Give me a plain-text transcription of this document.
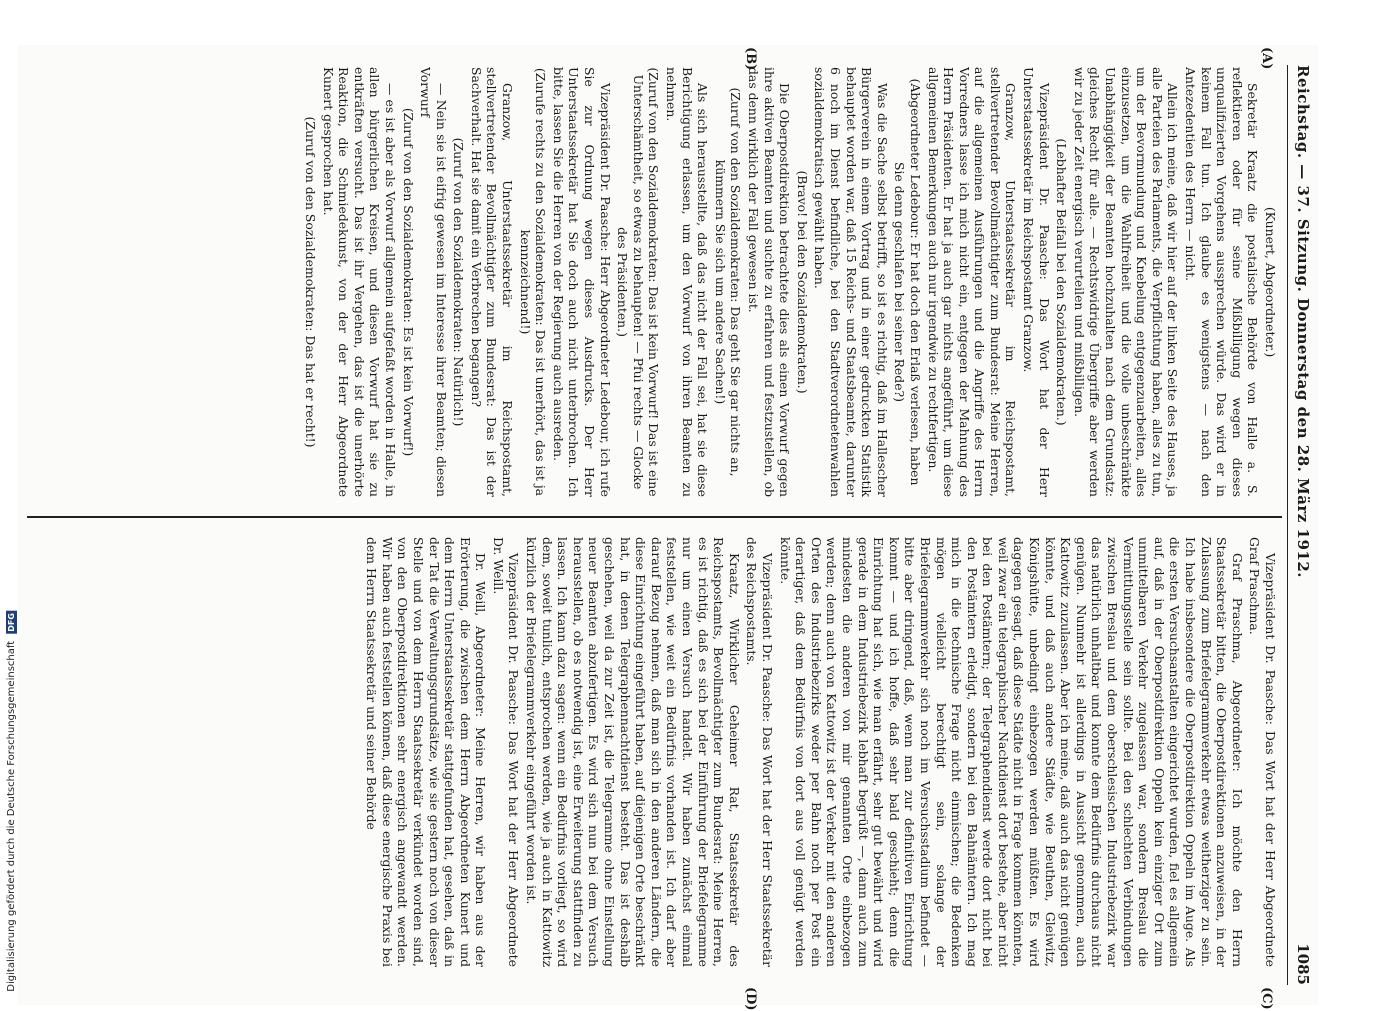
Reichstag. — 37. Sitzung. Donnerstag den 28. März 1912.
1085
(A)
(B)
(C)
(D)

(Kunert, Abgeordneter.)

Sekretär Kraatz die postalische Behörde von Halle a. S. reflektieren oder für seine Mißbilligung wegen dieses unqualifizierten Vorgehens aussprechen würde. Das wird er in keinem Fall tun. Ich glaube es wenigstens — nach den Antezedentien des Herrn — nicht.

Allein ich meine, daß wir hier auf der linken Seite des Hauses, ja alle Parteien des Parlaments, die Verpflichtung haben, alles zu tun, um der Bevormundung und Knebelung entgegenzuarbeiten, alles einzusetzen, um die Wahlfreiheit und die volle unbeschränkte Unabhängigkeit der Beamten hochzuhalten nach dem Grundsatz: gleiches Recht für alle. — Rechtswidrige Übergriffe aber werden wir zu jeder Zeit energisch verurteilen und mißbilligen.

(Lebhafter Beifall bei den Sozialdemokraten.)

Vizepräsident Dr. Paasche: Das Wort hat der Herr Unterstaatssekretär im Reichspostamt Granzow.

Granzow, Unterstaatssekretär im Reichspostamt, stellvertretender Bevollmächtigter zum Bundesrat: Meine Herren, auf die allgemeinen Ausführungen und die Angriffe des Herrn Vorredners lasse ich mich nicht ein, entgegen der Mahnung des Herrn Präsidenten. Er hat ja auch gar nichts angeführt, um diese allgemeinen Bemerkungen auch nur irgendwie zu rechtfertigen.

(Abgeordneter Ledebour: Er hat doch den Erlaß verlesen, haben Sie denn geschlafen bei seiner Rede?)

Was die Sache selbst betrifft, so ist es richtig, daß im Hallescher Bürgerverein in einem Vortrag und in einer gedruckten Statistik behauptet worden war, daß 15 Reichs- und Staatsbeamte, darunter 6 noch im Dienst befindliche, bei den Stadtverordnetenwahlen sozialdemokratisch gewählt haben.

(Bravo! bei den Sozialdemokraten.)

Die Oberpostdirektion betrachtete dies als einen Vorwurf gegen ihre aktiven Beamten und suchte zu erfahren und festzustellen, ob das denn wirklich der Fall gewesen ist.

(Zuruf von den Sozialdemokraten: Das geht Sie gar nichts an, kümmern Sie sich um andere Sachen!)

Als sich herausstellte, daß das nicht der Fall sei, hat sie diese Berichtigung erlassen, um den Vorwurf von ihren Beamten zu nehmen.

(Zuruf von den Sozialdemokraten: Das ist kein Vorwurf! Das ist eine Unterschämtheit, so etwas zu behaupten! — Pfui rechts — Glocke des Präsidenten.)

Vizepräsident Dr. Paasche: Herr Abgeordneter Ledebour, ich rufe Sie zur Ordnung wegen dieses Ausdrucks. Der Herr Unterstaatssekretär hat Sie doch auch nicht unterbrochen. Ich bitte, lassen Sie die Herren von der Regierung auch ausreden.

(Zurufe rechts zu den Sozialdemokraten: Das ist unerhört, das ist ja kennzeichnend!)

Granzow, Unterstaatssekretär im Reichspostamt, stellvertretender Bevollmächtigter zum Bundesrat: Das ist der Sachverhalt. Hat sie damit ein Verbrechen begangen?

(Zuruf von den Sozialdemokraten: Natürlich!)

— Nein sie ist eifrig gewesen im Interesse ihrer Beamten; diesen Vorwurf

(Zuruf von den Sozialdemokraten: Es ist kein Vorwurf!)

— es ist aber als Vorwurf allgemein aufgefaßt worden in Halle, in allen bürgerlichen Kreisen, und diesen Vorwurf hat sie zu entkräften versucht. Das ist ihr Vergehen, das ist die unerhörte Reaktion, die Schmiedekunst, von der der Herr Abgeordnete Kunert gesprochen hat.

(Zuruf von den Sozialdemokraten: Das hat er recht!)

Vizepräsident Dr. Paasche: Das Wort hat der Herr Abgeordnete Graf Praschma.

Graf Praschma, Abgeordneter: Ich möchte den Herrn Staatssekretär bitten, die Oberpostdirektionen anzuweisen, in der Zulassung zum Briefelegrammverkehr etwas weitherziger zu sein. Ich habe insbesondere die Oberpostdirektion Oppeln im Auge. Als die ersten Versuchsanstalten eingerichtet wurden, fiel es allgemein auf, daß in der Oberpostdirektion Oppeln kein einziger Ort zum unmittelbaren Verkehr zugelassen war, sondern Breslau die Vermittlungsstelle sein sollte. Bei den schlechten Verbindungen zwischen Breslau und dem oberschlesischen Industriebezirk war das natürlich unhaltbar und konnte dem Bedürfnis durchaus nicht genügen. Nunmehr ist allerdings in Aussicht genommen, auch Kattowitz zuzulassen. Aber ich meine, daß auch das nicht genügen könnte, und daß auch andere Städte, wie Beuthen, Gleiwitz, Königshütte, unbedingt einbezogen werden müßten. Es wird dagegen gesagt, daß diese Städte nicht in Frage kommen könnten, weil zwar ein telegraphischer Nachtdienst dort bestehe, aber nicht bei den Postämtern; der Telegraphendienst werde dort nicht bei den Postämtern erledigt, sondern bei den Bahnämtern. Ich mag mich in die technische Frage nicht einmischen; die Bedenken mögen vielleicht berechtigt sein, solange der Briefelegrammverkehr sich noch im Versuchsstadium befindet — bitte aber dringend, daß, wenn man zur definitiven Einrichtung kommt — und ich hoffe, daß sehr bald geschieht; denn die Einrichtung hat sich, wie man erfährt, sehr gut bewährt und wird gerade in dem Industriebezirk lebhaft begrüßt —, dann auch zum mindesten die anderen von mir genannten Orte einbezogen werden; denn auch von Kattowitz ist der Verkehr mit den anderen Orten des Industriebezirks weder per Bahn noch per Post ein derartiger, daß dem Bedürfnis von dort aus voll genügt werden könnte.

Vizepräsident Dr. Paasche: Das Wort hat der Herr Staatssekretär des Reichspostamts.

Kraatz, Wirklicher Geheimer Rat, Staatssekretär des Reichspostamts, Bevollmächtigter zum Bundesrat: Meine Herren, es ist richtig, daß es sich bei der Einführung der Briefelegramme nur um einen Versuch handelt. Wir haben zunächst einmal feststellen, wie weit ein Bedürfnis vorhanden ist. Ich darf aber darauf Bezug nehmen, daß man sich in den anderen Ländern, die diese Einrichtung eingeführt haben, auf diejenigen Orte beschränkt hat, in denen Telegraphennachtdienst besteht. Das ist deshalb geschehen, weil da zur Zeit ist, die Telegramme ohne Einstellung neuer Beamten abzufertigen. Es wird sich nun bei dem Versuch herausstellen, ob es notwendig ist, eine Erweiterung stattfinden zu lassen. Ich kann dazu sagen: wenn ein Bedürfnis vorliegt, so wird dem, soweit tunlich, entsprochen werden, wie ja auch in Kattowitz kürzlich der Briefelegrammverkehr eingeführt worden ist.

Vizepräsident Dr. Paasche: Das Wort hat der Herr Abgeordnete Dr. Weill.

Dr. Weill, Abgeordneter: Meine Herren, wir haben aus der Erörterung, die zwischen dem Herrn Abgeordneten Kunert und dem Herrn Unterstaatssekretär stattgefunden hat, gesehen, daß in der Tat die Verwaltungsgrundsätze, wie sie gestern noch von dieser Stelle und von dem Herrn Staatssekretär verkündet worden sind, von den Oberpostdirektionen sehr energisch angewandt werden. Wir haben auch feststellen können, daß diese energische Praxis bei dem Herrn Staatssekretär und seiner Behörde

Digitalisierung gefördert durch die Deutsche Forschungsgemeinschaft DFG
